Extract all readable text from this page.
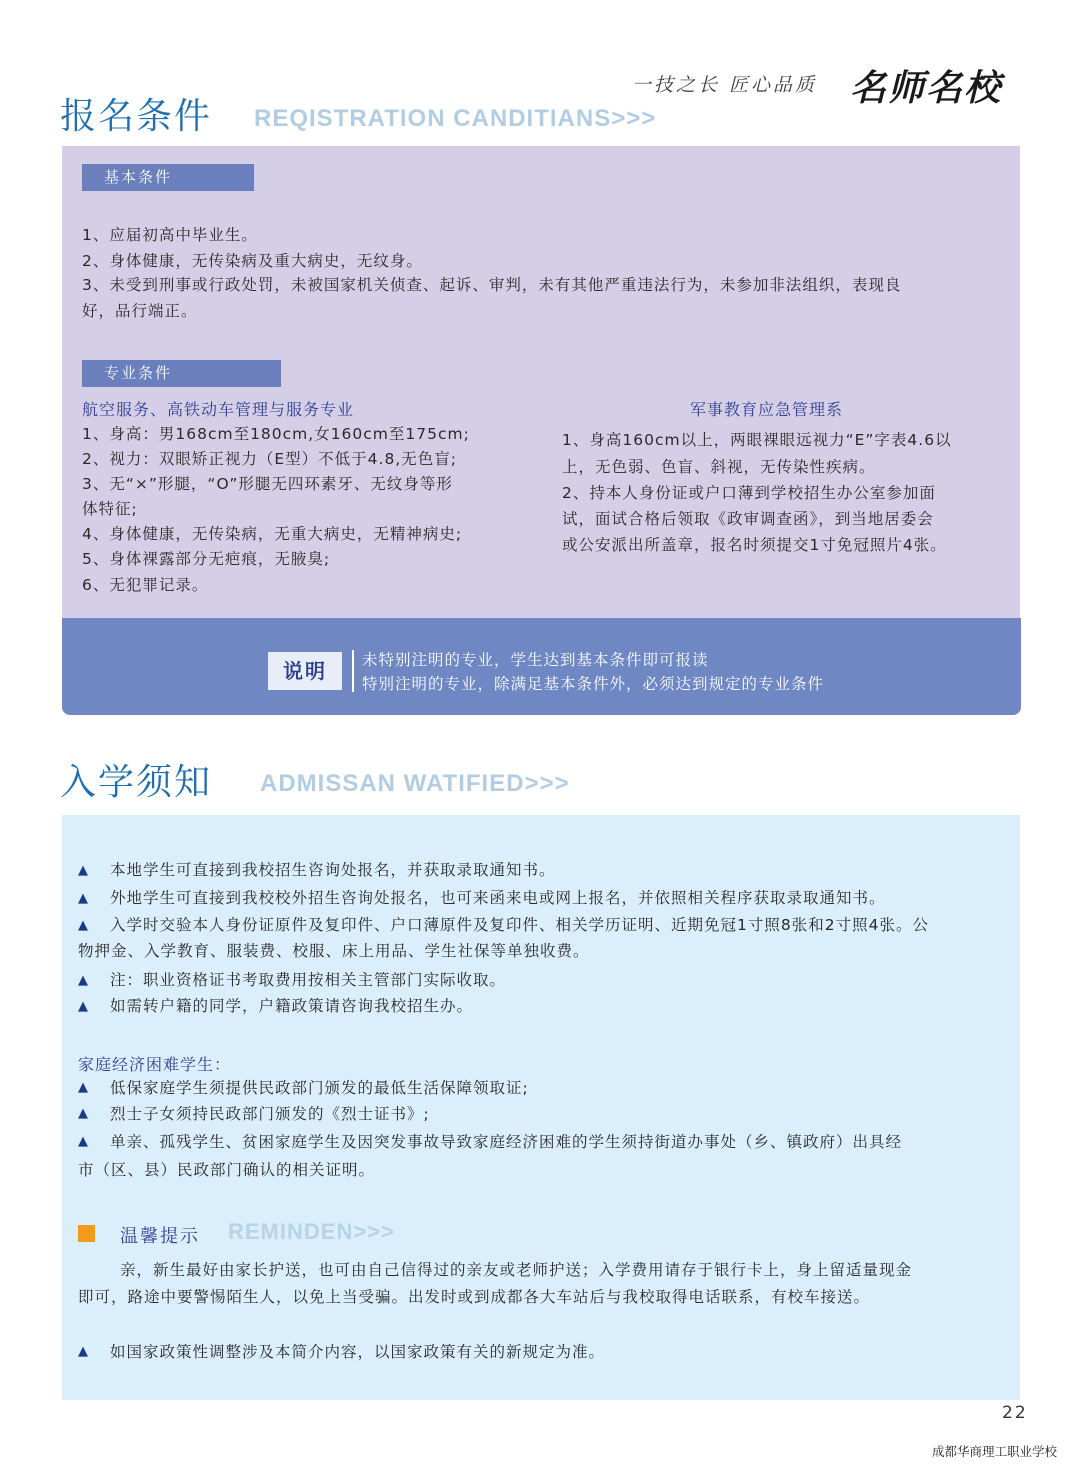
一技之长 匠心品质 名师名校
报名条件 REQISTRATION CANDITIANS>>>
基本条件
1、应届初高中毕业生。
2、身体健康，无传染病及重大病史，无纹身。
3、未受到刑事或行政处罚，未被国家机关侦查、起诉、审判，未有其他严重违法行为，未参加非法组织，表现良
好，品行端正。
专业条件
航空服务、高铁动车管理与服务专业
1、身高：男168cm至180cm,女160cm至175cm;
2、视力：双眼矫正视力（E型）不低于4.8,无色盲;
3、无“×”形腿，“O”形腿无四环素牙、无纹身等形
体特征;
4、身体健康，无传染病，无重大病史，无精神病史;
5、身体裸露部分无疤痕，无腋臭;
6、无犯罪记录。
军事教育应急管理系
1、身高160cm以上，两眼裸眼远视力“E”字表4.6以
上，无色弱、色盲、斜视，无传染性疾病。
2、持本人身份证或户口薄到学校招生办公室参加面
试，面试合格后领取《政审调查函》，到当地居委会
或公安派出所盖章，报名时须提交1寸免冠照片4张。
说明	未特别注明的专业，学生达到基本条件即可报读
特别注明的专业，除满足基本条件外，必须达到规定的专业条件
入学须知 ADMISSAN WATIFIED>>>
▲ 本地学生可直接到我校招生咨询处报名，并获取录取通知书。
▲ 外地学生可直接到我校校外招生咨询处报名，也可来函来电或网上报名，并依照相关程序获取录取通知书。
▲ 入学时交验本人身份证原件及复印件、户口薄原件及复印件、相关学历证明、近期免冠1寸照8张和2寸照4张。公
物押金、入学教育、服装费、校服、床上用品、学生社保等单独收费。
▲ 注：职业资格证书考取费用按相关主管部门实际收取。
▲ 如需转户籍的同学，户籍政策请咨询我校招生办。
家庭经济困难学生：
▲ 低保家庭学生须提供民政部门颁发的最低生活保障领取证;
▲ 烈士子女须持民政部门颁发的《烈士证书》;
▲ 单亲、孤残学生、贫困家庭学生及因突发事故导致家庭经济困难的学生须持街道办事处（乡、镇政府）出具经
市（区、县）民政部门确认的相关证明。
温馨提示 REMINDEN>>>
亲，新生最好由家长护送，也可由自己信得过的亲友或老师护送；入学费用请存于银行卡上，身上留适量现金
即可，路途中要警惕陌生人，以免上当受骗。出发时或到成都各大车站后与我校取得电话联系，有校车接送。
▲ 如国家政策性调整涉及本简介内容，以国家政策有关的新规定为准。
22
成都华商理工职业学校
